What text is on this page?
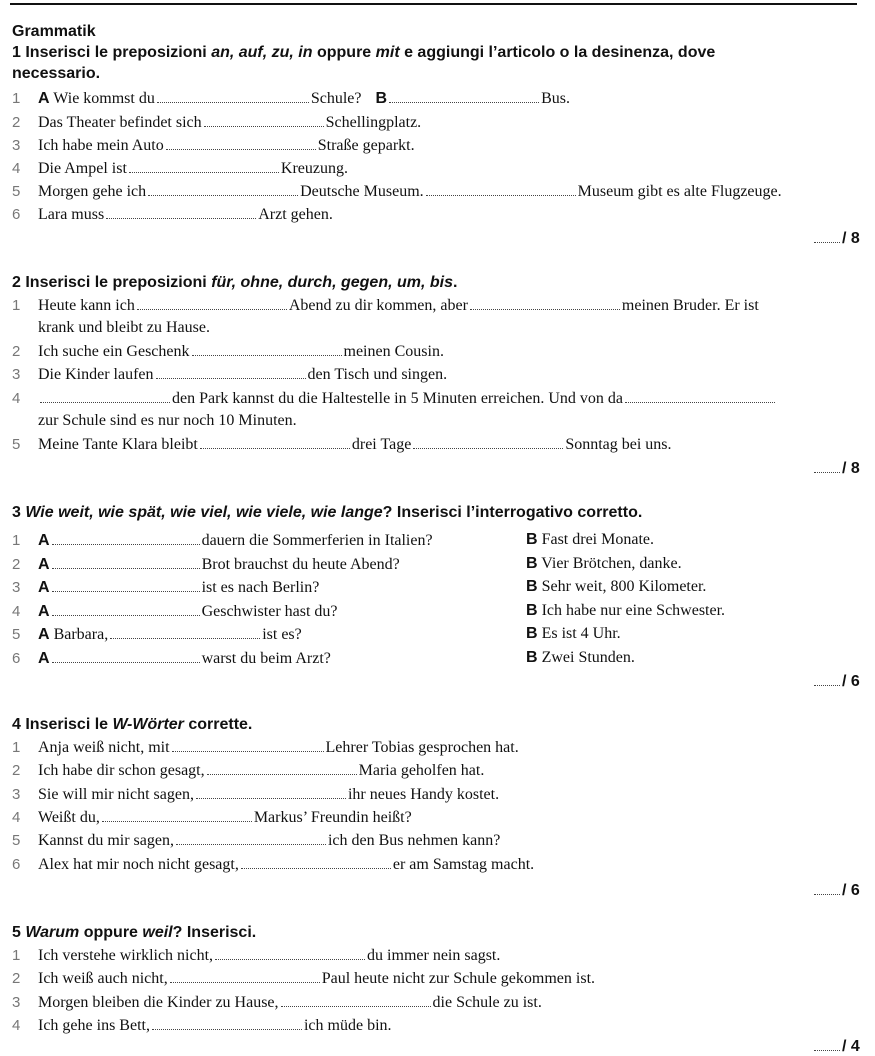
Grammatik
1 Inserisci le preposizioni an, auf, zu, in oppure mit e aggiungi l’articolo o la desinenza, dove
necessario.
1 A Wie kommst du	Schule? B	Bus.
2 Das Theater befindet sich	Schellingplatz.
3 Ich habe mein Auto	Straße geparkt.
4 Die Ampel ist	Kreuzung.
5 Morgen gehe ich	Deutsche Museum.	Museum gibt es alte Flugzeuge.
6 Lara muss	Arzt gehen.
/ 8
2 Inserisci le preposizioni für, ohne, durch, gegen, um, bis.
1 Heute kann ich	Abend zu dir kommen, aber	meinen Bruder. Er ist
krank und bleibt zu Hause.
2 Ich suche ein Geschenk	meinen Cousin.
3 Die Kinder laufen	den Tisch und singen.
4	den Park kannst du die Haltestelle in 5 Minuten erreichen. Und von da
zur Schule sind es nur noch 10 Minuten.
5 Meine Tante Klara bleibt	drei Tage	Sonntag bei uns.
/ 8
3 Wie weit, wie spät, wie viel, wie viele, wie lange? Inserisci l’interrogativo corretto.
1 A	dauern die Sommerferien in Italien?	B Fast drei Monate.
2 A	Brot brauchst du heute Abend?	B Vier Brötchen, danke.
3 A	ist es nach Berlin?	B Sehr weit, 800 Kilometer.
4 A	Geschwister hast du?	B Ich habe nur eine Schwester.
5 A Barbara,	ist es?	B Es ist 4 Uhr.
6 A	warst du beim Arzt?	B Zwei Stunden.
/ 6
4 Inserisci le W-Wörter corrette.
1 Anja weiß nicht, mit	Lehrer Tobias gesprochen hat.
2 Ich habe dir schon gesagt,	Maria geholfen hat.
3 Sie will mir nicht sagen,	ihr neues Handy kostet.
4 Weißt du,	Markus’ Freundin heißt?
5 Kannst du mir sagen,	ich den Bus nehmen kann?
6 Alex hat mir noch nicht gesagt,	er am Samstag macht.
/ 6
5 Warum oppure weil? Inserisci.
1 Ich verstehe wirklich nicht,	du immer nein sagst.
2 Ich weiß auch nicht,	Paul heute nicht zur Schule gekommen ist.
3 Morgen bleiben die Kinder zu Hause,	die Schule zu ist.
4 Ich gehe ins Bett,	ich müde bin.
/ 4
